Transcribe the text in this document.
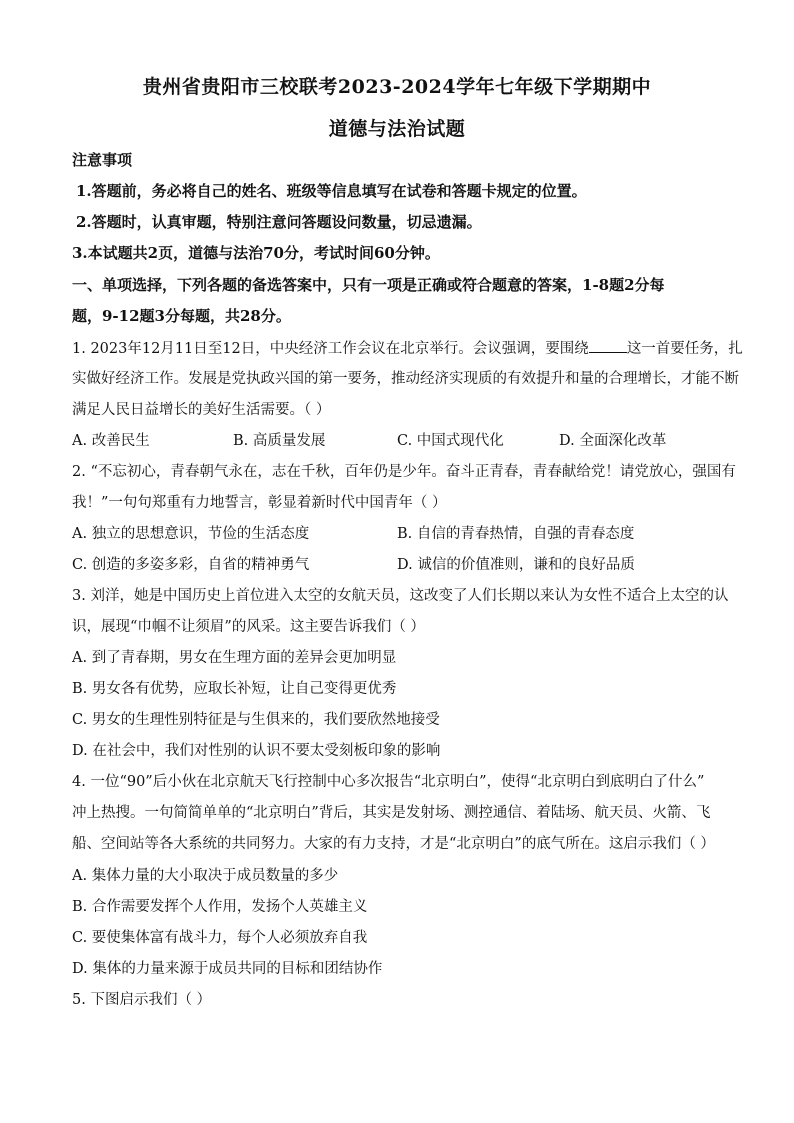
贵州省贵阳市三校联考2023-2024学年七年级下学期期中
道德与法治试题
注意事项
1.答题前，务必将自己的姓名、班级等信息填写在试卷和答题卡规定的位置。
2.答题时，认真审题，特别注意问答题设问数量，切忌遗漏。
3.本试题共2页，道德与法治70分，考试时间60分钟。
一、单项选择，下列各题的备选答案中，只有一项是正确或符合题意的答案，1-8题2分每
题，9-12题3分每题，共28分。
1. 2023年12月11日至12日，中央经济工作会议在北京举行。会议强调，要围绕	这一首要任务，扎
实做好经济工作。发展是党执政兴国的第一要务，推动经济实现质的有效提升和量的合理增长，才能不断
满足人民日益增长的美好生活需要。（ ）
A. 改善民生	B. 高质量发展	C. 中国式现代化	D. 全面深化改革
2. “不忘初心，青春朝气永在，志在千秋，百年仍是少年。奋斗正青春，青春献给党！请党放心，强国有
我！”一句句郑重有力地誓言，彰显着新时代中国青年（ ）
A. 独立的思想意识，节俭的生活态度	B. 自信的青春热情，自强的青春态度
C. 创造的多姿多彩，自省的精神勇气	D. 诚信的价值准则，谦和的良好品质
3. 刘洋，她是中国历史上首位进入太空的女航天员，这改变了人们长期以来认为女性不适合上太空的认
识，展现“巾帼不让须眉”的风采。这主要告诉我们（ ）
A. 到了青春期，男女在生理方面的差异会更加明显
B. 男女各有优势，应取长补短，让自己变得更优秀
C. 男女的生理性别特征是与生俱来的，我们要欣然地接受
D. 在社会中，我们对性别的认识不要太受刻板印象的影响
4. 一位“90”后小伙在北京航天飞行控制中心多次报告“北京明白”，使得“北京明白到底明白了什么”
冲上热搜。一句简简单单的“北京明白”背后，其实是发射场、测控通信、着陆场、航天员、火箭、飞
船、空间站等各大系统的共同努力。大家的有力支持，才是“北京明白”的底气所在。这启示我们（ ）
A. 集体力量的大小取决于成员数量的多少
B. 合作需要发挥个人作用，发扬个人英雄主义
C. 要使集体富有战斗力，每个人必须放弃自我
D. 集体的力量来源于成员共同的目标和团结协作
5. 下图启示我们（ ）
